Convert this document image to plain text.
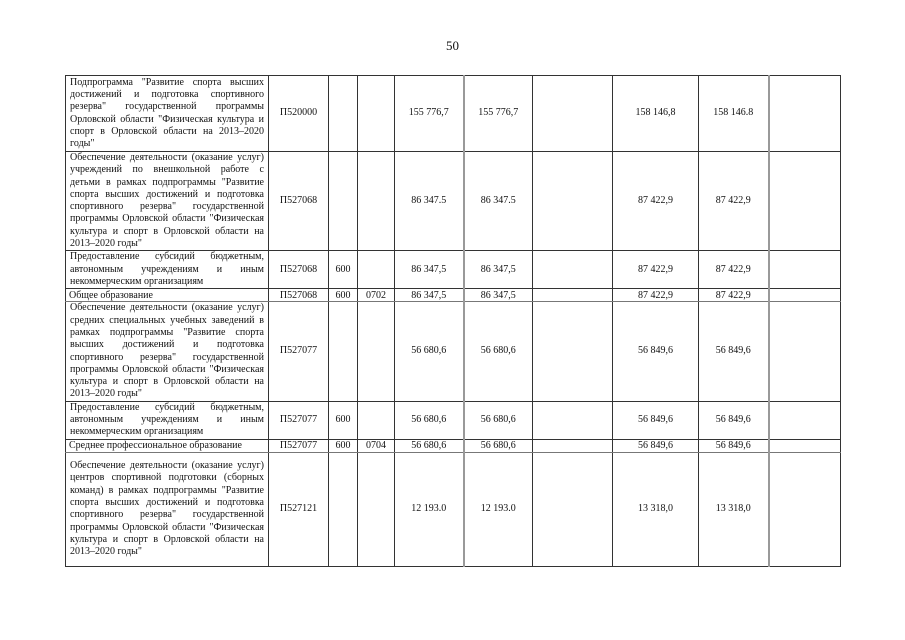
50
Подпрограмма "Развитие спорта высших достижений и подготовка спортивного резерва" государственной программы Орловской области "Физическая культура и спорт в Орловской области на 2013–2020 годы"	П520000			155 776,7	155 776,7		158 146,8	158 146.8	
Обеспечение деятельности (оказание услуг) учреждений по внешкольной работе с детьми в рамках подпрограммы "Развитие спорта высших достижений и подготовка спортивного резерва" государственной программы Орловской области "Физическая культура и спорт в Орловской области на 2013–2020 годы"	П527068			86 347.5	86 347.5		87 422,9	87 422,9	
Предоставление субсидий бюджетным, автономным учреждениям и иным некоммерческим организациям	П527068	600		86 347,5	86 347,5		87 422,9	87 422,9	
Общее образование	П527068	600	0702	86 347,5	86 347,5		87 422,9	87 422,9	
Обеспечение деятельности (оказание услуг) средних специальных учебных заведений в рамках подпрограммы "Развитие спорта высших достижений и подготовка спортивного резерва" государственной программы Орловской области "Физическая культура и спорт в Орловской области на 2013–2020 годы"	П527077			56 680,6	56 680,6		56 849,6	56 849,6	
Предоставление субсидий бюджетным, автономным учреждениям и иным некоммерческим организациям	П527077	600		56 680,6	56 680,6		56 849,6	56 849,6	
Среднее профессиональное образование	П527077	600	0704	56 680,6	56 680,6		56 849,6	56 849,6	
Обеспечение деятельности (оказание услуг) центров спортивной подготовки (сборных команд) в рамках подпрограммы "Развитие спорта высших достижений и подготовка спортивного резерва" государственной программы Орловской области "Физическая культура и спорт в Орловской области на 2013–2020 годы"	П527121			12 193.0	12 193.0		13 318,0	13 318,0	
